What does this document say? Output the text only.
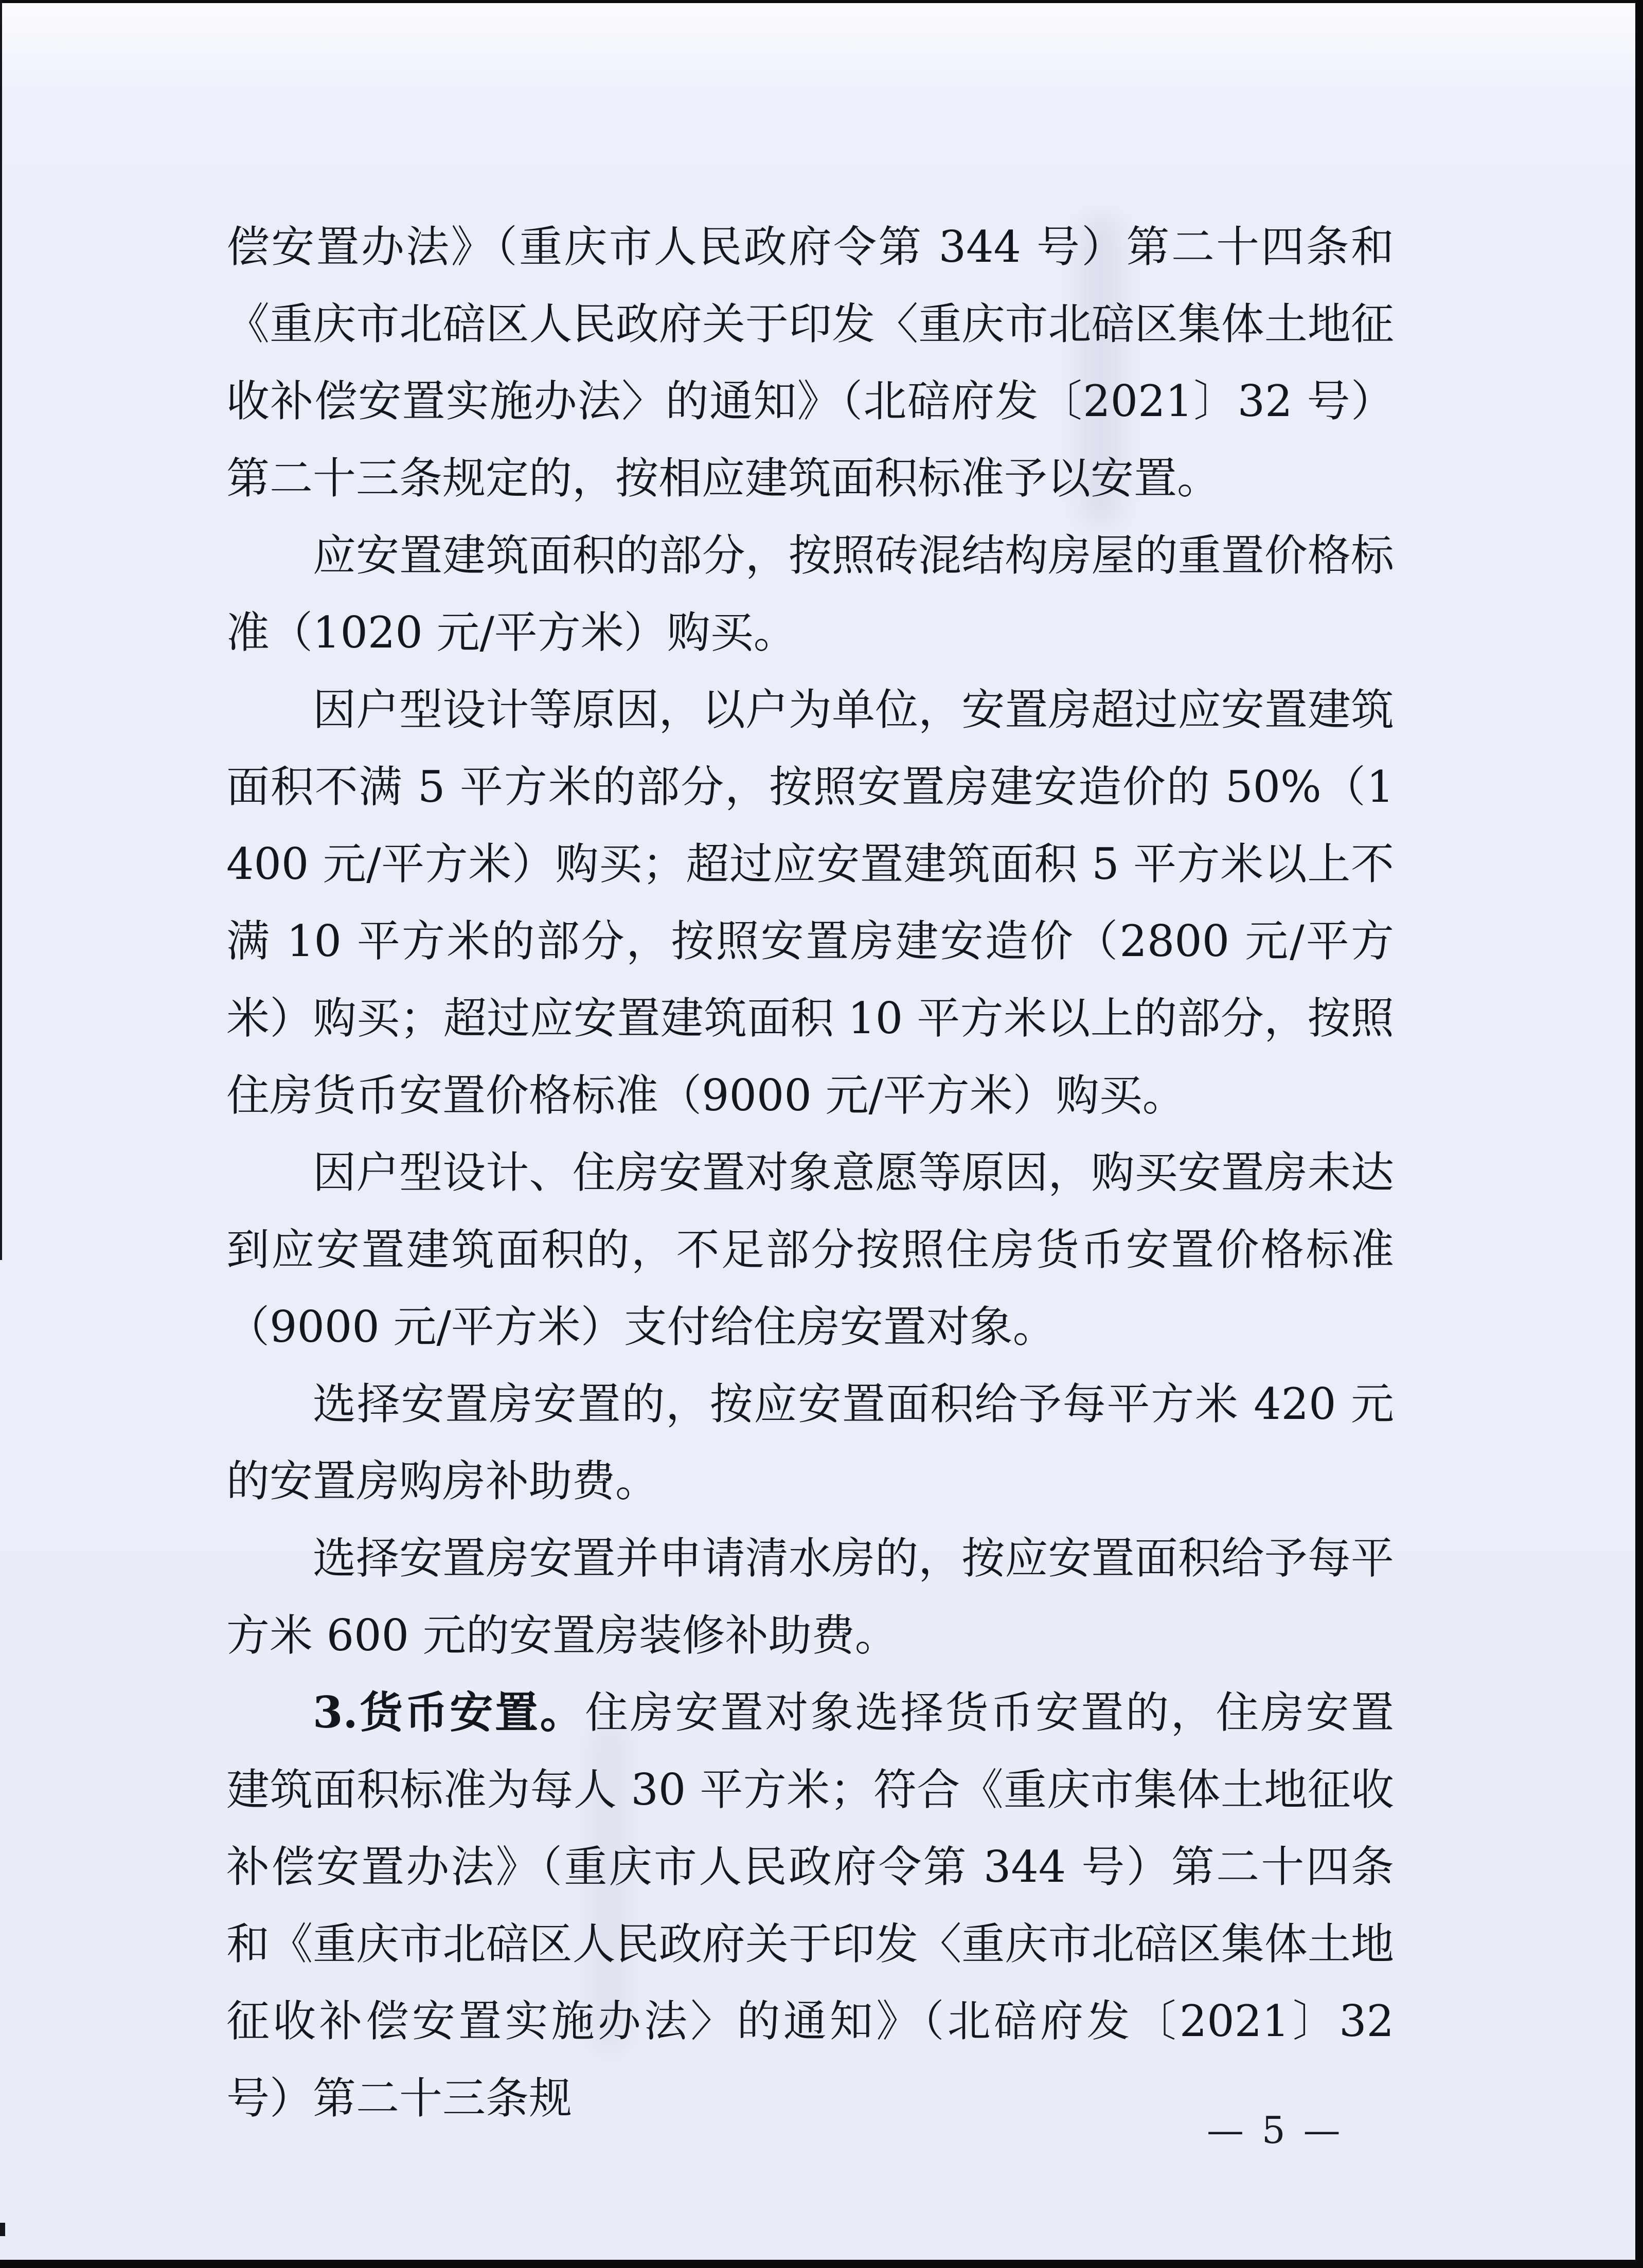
偿安置办法》（重庆市人民政府令第 344 号）第二十四条和《重庆市北碚区人民政府关于印发〈重庆市北碚区集体土地征收补偿安置实施办法〉的通知》（北碚府发〔2021〕32 号）第二十三条规定的，按相应建筑面积标准予以安置。

应安置建筑面积的部分，按照砖混结构房屋的重置价格标准（1020 元/平方米）购买。

因户型设计等原因，以户为单位，安置房超过应安置建筑面积不满 5 平方米的部分，按照安置房建安造价的 50%（1400 元/平方米）购买；超过应安置建筑面积 5 平方米以上不满 10 平方米的部分，按照安置房建安造价（2800 元/平方米）购买；超过应安置建筑面积 10 平方米以上的部分，按照住房货币安置价格标准（9000 元/平方米）购买。

因户型设计、住房安置对象意愿等原因，购买安置房未达到应安置建筑面积的，不足部分按照住房货币安置价格标准（9000 元/平方米）支付给住房安置对象。

选择安置房安置的，按应安置面积给予每平方米 420 元的安置房购房补助费。

选择安置房安置并申请清水房的，按应安置面积给予每平方米 600 元的安置房装修补助费。

3.货币安置。住房安置对象选择货币安置的，住房安置建筑面积标准为每人 30 平方米；符合《重庆市集体土地征收补偿安置办法》（重庆市人民政府令第 344 号）第二十四条和《重庆市北碚区人民政府关于印发〈重庆市北碚区集体土地征收补偿安置实施办法〉的通知》（北碚府发〔2021〕32 号）第二十三条规

— 5 —
